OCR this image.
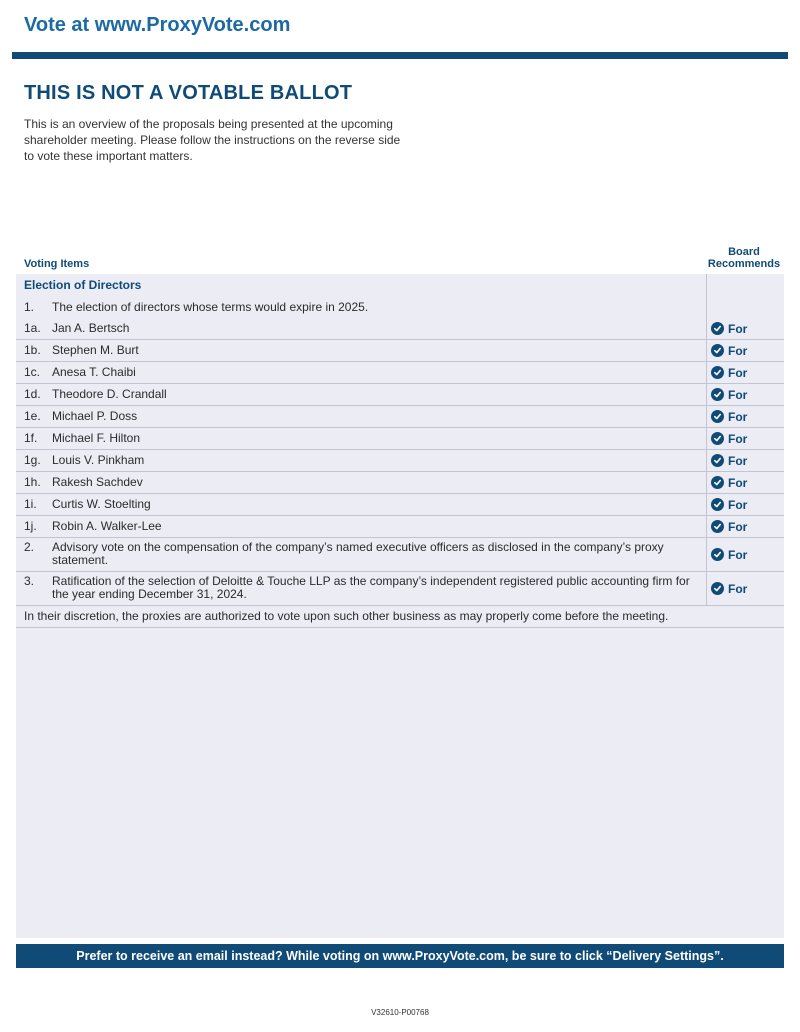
Vote at www.ProxyVote.com
THIS IS NOT A VOTABLE BALLOT
This is an overview of the proposals being presented at the upcoming shareholder meeting. Please follow the instructions on the reverse side to vote these important matters.
Voting Items
Board
Recommends
Election of Directors
1.	The election of directors whose terms would expire in 2025.
1a. Jan A. Bertsch	For
1b. Stephen M. Burt	For
1c. Anesa T. Chaibi	For
1d. Theodore D. Crandall	For
1e. Michael P. Doss	For
1f.	Michael F. Hilton	For
1g. Louis V. Pinkham	For
1h. Rakesh Sachdev	For
1i.	Curtis W. Stoelting	For
1j.	Robin A. Walker-Lee	For
2.	Advisory vote on the compensation of the company’s named executive officers as disclosed in the company’s proxy statement.	For
3.	Ratification of the selection of Deloitte & Touche LLP as the company’s independent registered public accounting firm for the year ending December 31, 2024.	For
In their discretion, the proxies are authorized to vote upon such other business as may properly come before the meeting.
Prefer to receive an email instead? While voting on www.ProxyVote.com, be sure to click “Delivery Settings”.
V32610-P00768
